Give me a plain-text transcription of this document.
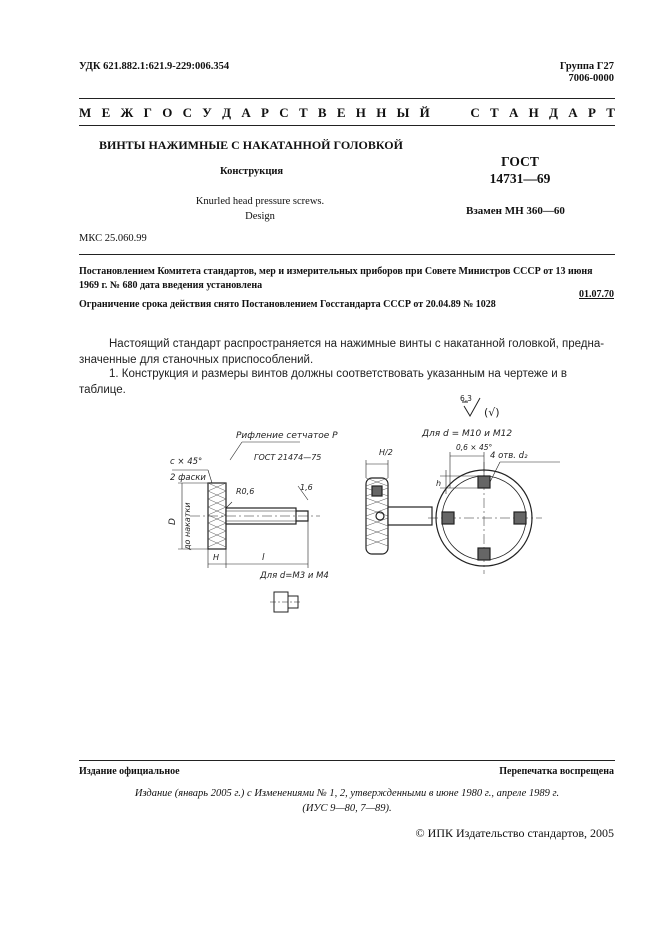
УДК 621.882.1:621.9-229:006.354	Группа Г27
7006-0000
М Е Ж Г О С У Д А Р С Т В Е Н Н Ы Й	С Т А Н Д А Р Т
ВИНТЫ НАЖИМНЫЕ С НАКАТАННОЙ ГОЛОВКОЙ
Конструкция
Knurled head pressure screws.
Design
ГОСТ
14731—69
Взамен МН 360—60
МКС 25.060.99
Постановлением Комитета стандартов, мер и измерительных приборов при Совете Министров СССР от 13 июня 1969 г. № 680 дата введения установлена
01.07.70
Ограничение срока действия снято Постановлением Госстандарта СССР от 20.04.89 № 1028
Настоящий стандарт распространяется на нажимные винты с накатанной головкой, предна-значенные для станочных приспособлений.
1. Конструкция и размеры винтов должны соответствовать указанным на чертеже и в таблице.
с × 45°
2 фаски
Рифление сетчатое Р
ГОСТ 21474—75
R0,6	1,6
D до накатки
H	l
Для d=M3 и M4
H/2
0,6 × 45°
h
4 отв. d₂
Для d = M10 и M12
6,3
(√)
Издание официальное	Перепечатка воспрещена
Издание (январь 2005 г.) с Изменениями № 1, 2, утвержденными в июне 1980 г., апреле 1989 г.
(ИУС 9—80, 7—89).
© ИПК Издательство стандартов, 2005
